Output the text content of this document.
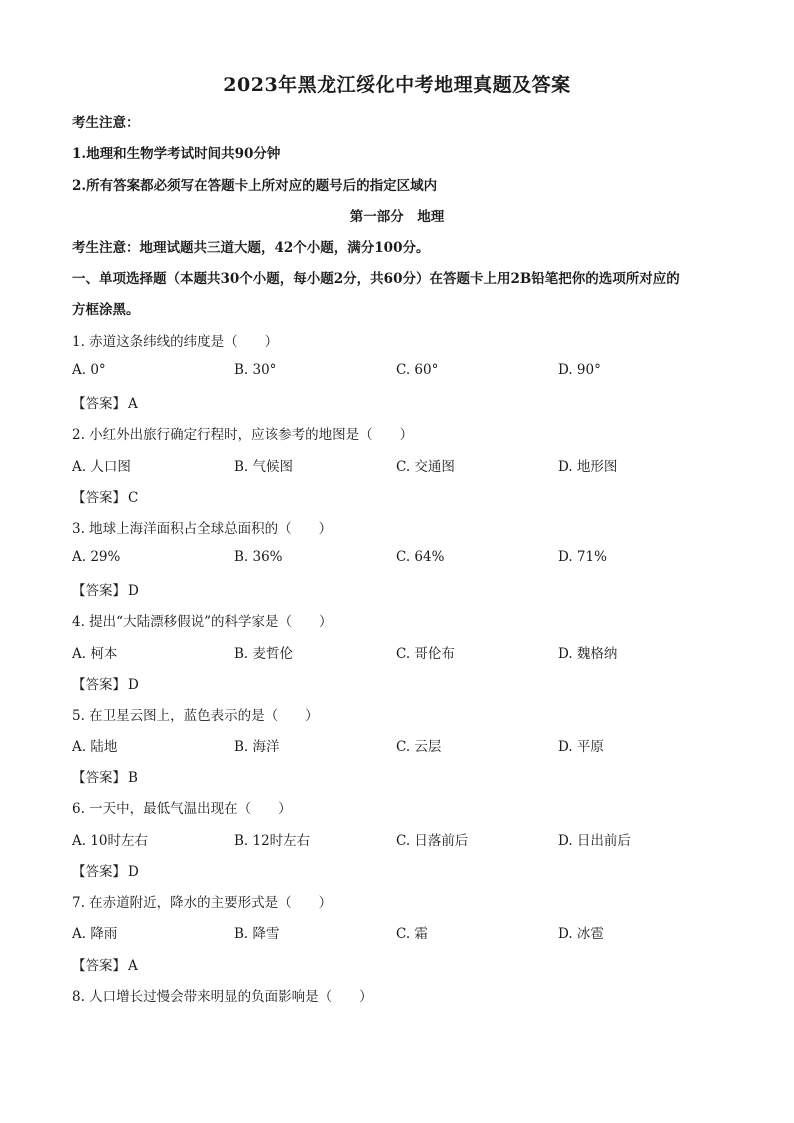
2023年黑龙江绥化中考地理真题及答案
考生注意：
1.地理和生物学考试时间共90分钟
2.所有答案都必须写在答题卡上所对应的题号后的指定区域内
第一部分　地理
考生注意：地理试题共三道大题，42个小题，满分100分。
一、单项选择题（本题共30个小题，每小题2分，共60分）在答题卡上用2B铅笔把你的选项所对应的
方框涂黑。
1. 赤道这条纬线的纬度是（　　）
A. 0°	B. 30°	C. 60°	D. 90°
【答案】 A
2. 小红外出旅行确定行程时，应该参考的地图是（　　）
A. 人口图	B. 气候图	C. 交通图	D. 地形图
【答案】 C
3. 地球上海洋面积占全球总面积的（　　）
A. 29%	B. 36%	C. 64%	D. 71%
【答案】 D
4. 提出“大陆漂移假说”的科学家是（　　）
A. 柯本	B. 麦哲伦	C. 哥伦布	D. 魏格纳
【答案】 D
5. 在卫星云图上，蓝色表示的是（　　）
A. 陆地	B. 海洋	C. 云层	D. 平原
【答案】 B
6. 一天中，最低气温出现在（　　）
A. 10时左右	B. 12时左右	C. 日落前后	D. 日出前后
【答案】 D
7. 在赤道附近，降水的主要形式是（　　）
A. 降雨	B. 降雪	C. 霜	D. 冰雹
【答案】 A
8. 人口增长过慢会带来明显的负面影响是（　　）
